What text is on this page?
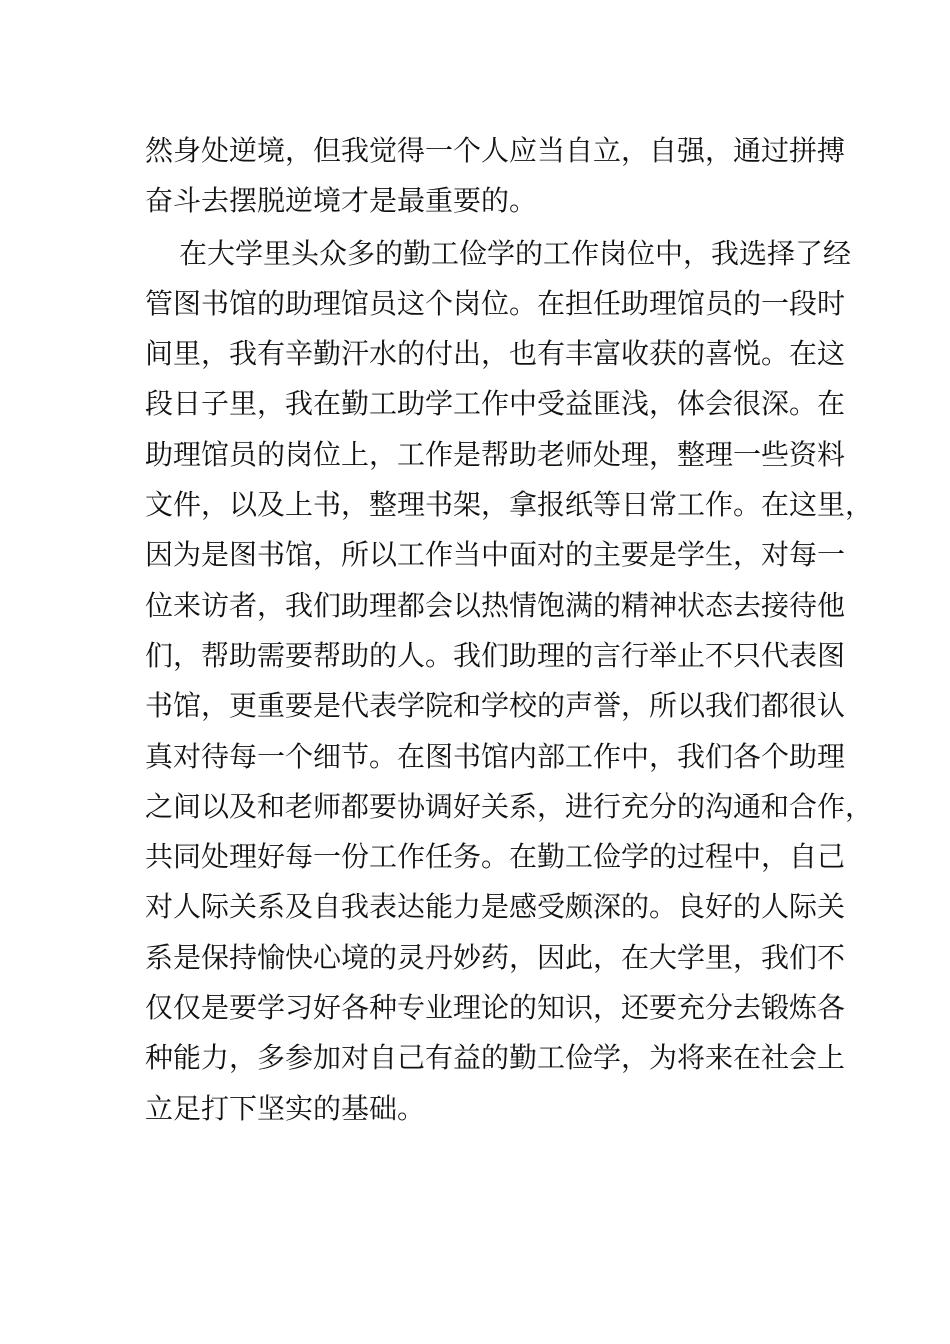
然身处逆境，但我觉得一个人应当自立，自强，通过拼搏
奋斗去摆脱逆境才是最重要的。
在大学里头众多的勤工俭学的工作岗位中，我选择了经
管图书馆的助理馆员这个岗位。在担任助理馆员的一段时
间里，我有辛勤汗水的付出，也有丰富收获的喜悦。在这
段日子里，我在勤工助学工作中受益匪浅，体会很深。在
助理馆员的岗位上，工作是帮助老师处理，整理一些资料
文件，以及上书，整理书架，拿报纸等日常工作。在这里，
因为是图书馆，所以工作当中面对的主要是学生，对每一
位来访者，我们助理都会以热情饱满的精神状态去接待他
们，帮助需要帮助的人。我们助理的言行举止不只代表图
书馆，更重要是代表学院和学校的声誉，所以我们都很认
真对待每一个细节。在图书馆内部工作中，我们各个助理
之间以及和老师都要协调好关系，进行充分的沟通和合作，
共同处理好每一份工作任务。在勤工俭学的过程中，自己
对人际关系及自我表达能力是感受颇深的。良好的人际关
系是保持愉快心境的灵丹妙药，因此，在大学里，我们不
仅仅是要学习好各种专业理论的知识，还要充分去锻炼各
种能力，多参加对自己有益的勤工俭学，为将来在社会上
立足打下坚实的基础。
